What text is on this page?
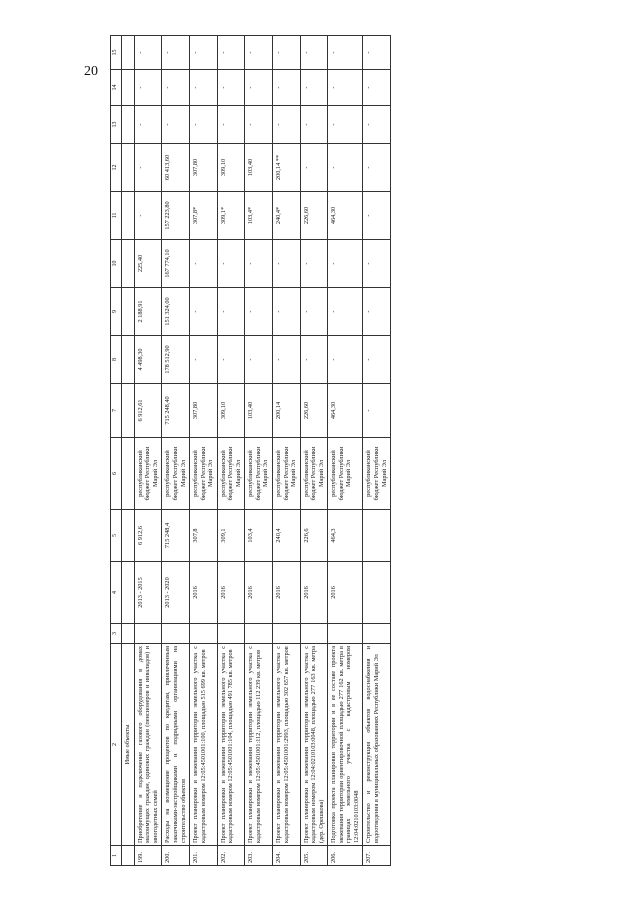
20
1	2	3	4	5	6	7	8	9	10	11	12	13	14	15
	Иные объекты													
199.	Приобретение и подключение газового оборудования в домах малоимущих граждан, одиноких граждан (пенсионеров и инвалидов) и многодетных семей		2013 - 2015	6 912,6	республиканский бюджет Республики Марий Эл	6 912,61	4 498,30	2 188,91	225,40	-	-	-	-	-
200.	Расходы на возмещение процентов по кредитам, привлеченным заказчиками-застройщиками и подрядными организациями на строительство объектов		2013 - 2020	715 248,4	республиканский бюджет Республики Марий Эл	715 248,40	178 512,90	151 324,00	167 774,10	157 223,80	60 413,60	-	-	-
201.	Проект планировки и межевания территории земельного участка с кадастровым номером 12:05:4501001:100, площадью 515 699 кв. метров		2016	307,8	республиканский бюджет Республики Марий Эл	307,80	-	-	-	307,8*	307,80	-	-	-
202.	Проект планировки и межевания территории земельного участка с кадастровым номером 12:05:4501001:104, площадью 491 785 кв. метров		2016	309,1	республиканский бюджет Республики Марий Эл	309,10	-	-	-	309,1*	309,10	-	-	-
203.	Проект планировки и межевания территории земельного участка с кадастровым номером 12:05:4501001:112, площадью 112 239 кв. метров		2016	103,4	республиканский бюджет Республики Марий Эл	103,40	-	-	-	103,4*	103,40	-	-	-
204.	Проект планировки и межевания территории земельного участка с кадастровым номером 12:05:4501001:2993, площадью 302 657 кв. метров		2016	240,4	республиканский бюджет Республики Марий Эл	200,14	-	-	-	240,4*	200,14 **	-	-	-
205.	Проект планировки и межевания территории земельного участка с кадастровым номером 12:04:0210103:0048, площадью 277 163 кв. метра (дер. Орешкова)		2016	226,6	республиканский бюджет Республики Марий Эл	226,60	-	-	-	226,60	-	-	-	-
206.	Подготовка проекта планировки территории и в ее составе проекта межевания территории ориентировочной площадью 277 162 кв. метра в границах земельного участка с кадастровым номером 12:04:0210103:0048		2016	464,3	республиканский бюджет Республики Марий Эл	464,30	-	-	-	464,30	-	-	-	-
207.	Строительство и реконструкция объектов водоснабжения и водоотведения в муниципальных образованиях Республики Марий Эл				республиканский бюджет Республики Марий Эл	-	-	-	-	-	-	-	-	-
